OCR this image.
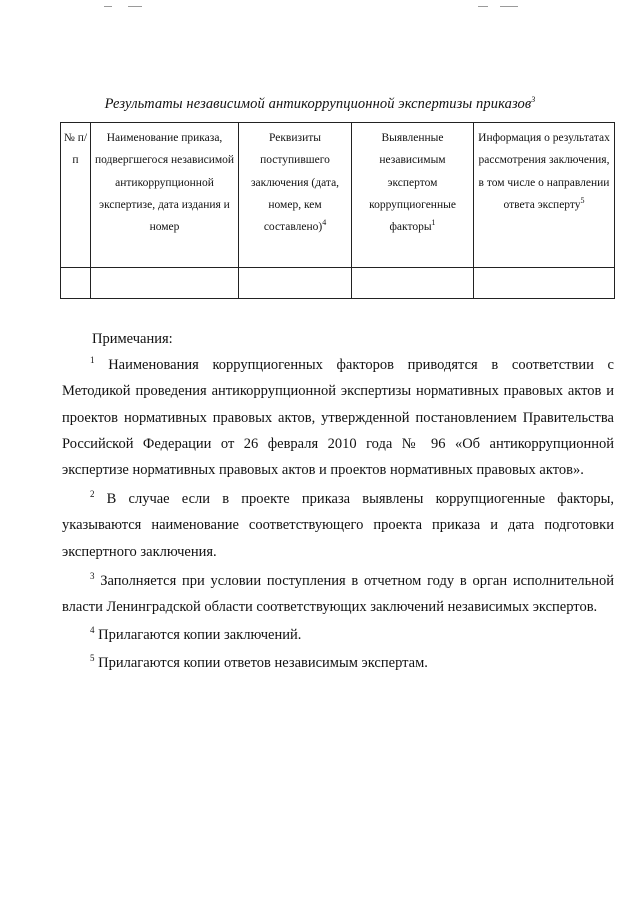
Результаты независимой антикоррупционной экспертизы приказов$^3$
№ п/п	Наименование приказа, подвергшегося независимой антикоррупционной экспертизе, дата издания и номер	Реквизиты поступившего заключения (дата, номер, кем составлено)$^4$	Выявленные независимым экспертом коррупциогенные факторы$^1$	Информация о результатах рассмотрения заключения, в том числе о направлении ответа эксперту$^5$

Примечания:

$^1$ Наименования коррупциогенных факторов приводятся в соответствии с Методикой проведения антикоррупционной экспертизы нормативных правовых актов и проектов нормативных правовых актов, утвержденной постановлением Правительства Российской Федерации от 26 февраля 2010 года № 96 «Об антикоррупционной экспертизе нормативных правовых актов и проектов нормативных правовых актов».

$^2$ В случае если в проекте приказа выявлены коррупциогенные факторы, указываются наименование соответствующего проекта приказа и дата подготовки экспертного заключения.

$^3$ Заполняется при условии поступления в отчетном году в орган исполнительной власти Ленинградской области соответствующих заключений независимых экспертов.

$^4$ Прилагаются копии заключений.

$^5$ Прилагаются копии ответов независимым экспертам.
